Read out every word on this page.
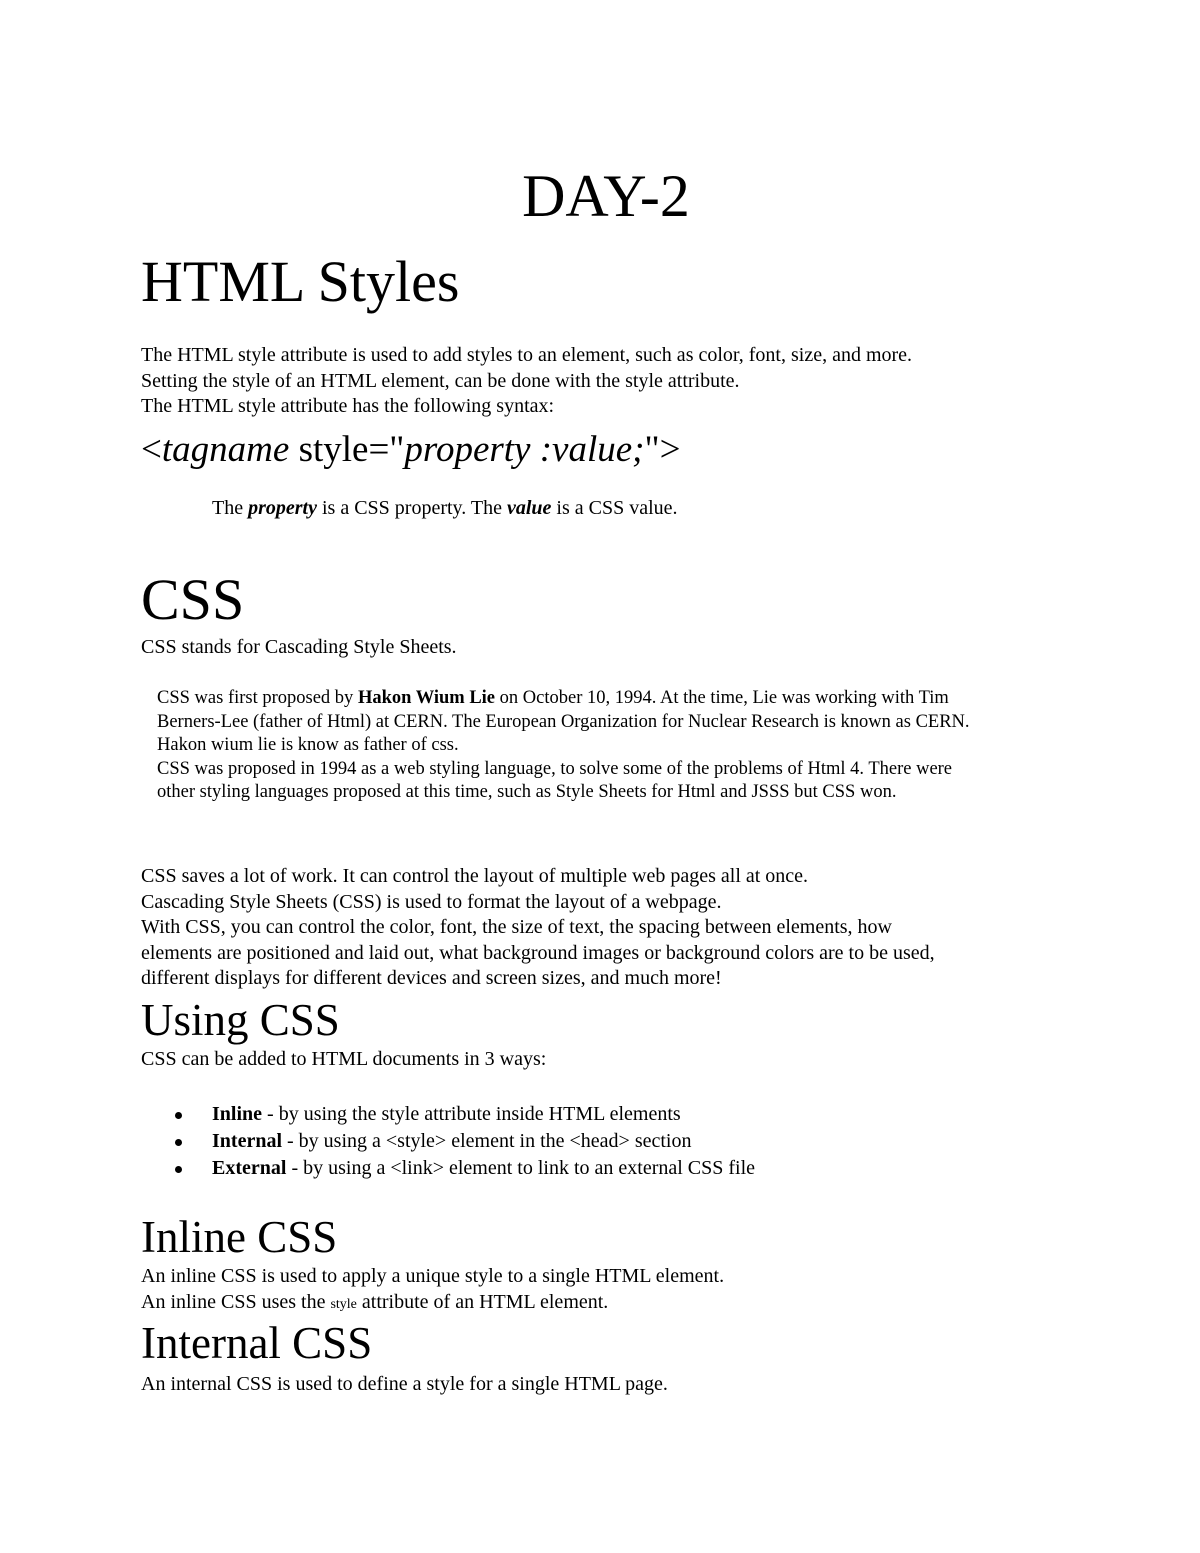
DAY-2
HTML Styles

The HTML style attribute is used to add styles to an element, such as color, font, size, and more.
Setting the style of an HTML element, can be done with the style attribute.
The HTML style attribute has the following syntax:

<tagname style="property :value;">

The property is a CSS property. The value is a CSS value.

CSS

CSS stands for Cascading Style Sheets.

CSS was first proposed by Hakon Wium Lie on October 10, 1994. At the time, Lie was working with Tim
Berners-Lee (father of Html) at CERN. The European Organization for Nuclear Research is known as CERN.
Hakon wium lie is know as father of css.
CSS was proposed in 1994 as a web styling language, to solve some of the problems of Html 4. There were
other styling languages proposed at this time, such as Style Sheets for Html and JSSS but CSS won.

CSS saves a lot of work. It can control the layout of multiple web pages all at once.
Cascading Style Sheets (CSS) is used to format the layout of a webpage.
With CSS, you can control the color, font, the size of text, the spacing between elements, how
elements are positioned and laid out, what background images or background colors are to be used,
different displays for different devices and screen sizes, and much more!

Using CSS

CSS can be added to HTML documents in 3 ways:

Inline - by using the style attribute inside HTML elements
Internal - by using a <style> element in the <head> section
External - by using a <link> element to link to an external CSS file
Inline CSS

An inline CSS is used to apply a unique style to a single HTML element.
An inline CSS uses the style attribute of an HTML element.

Internal CSS

An internal CSS is used to define a style for a single HTML page.
